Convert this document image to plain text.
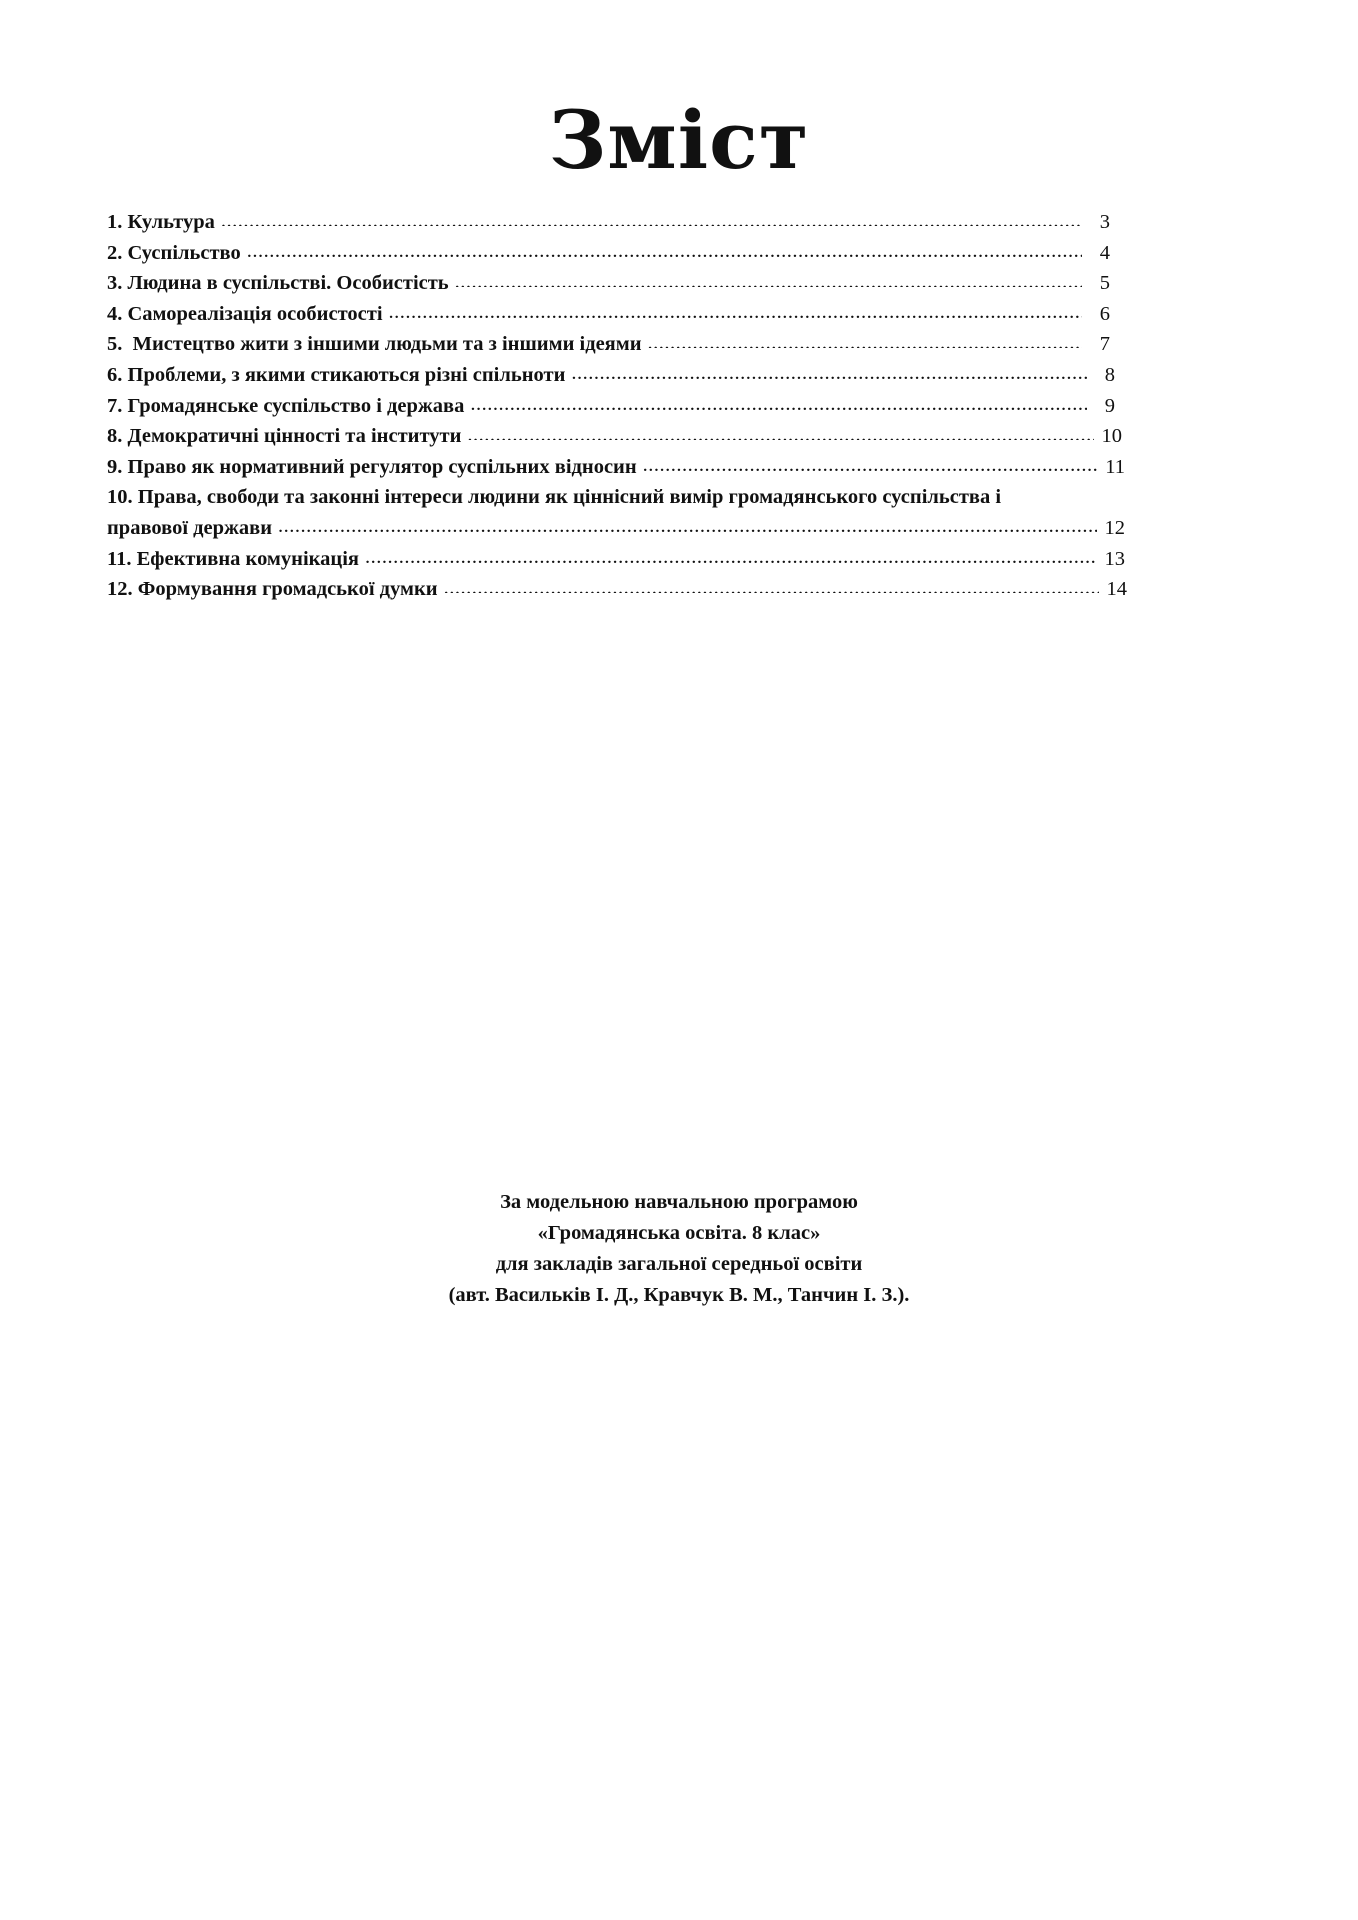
Зміст
1. Культура .....	3
2. Суспільство .....	4
3. Людина в суспільстві. Особистість .....	5
4. Самореалізація особистості .....	6
5.  Мистецтво жити з іншими людьми та з іншими ідеями .....	7
6. Проблеми, з якими стикаються різні спільноти .....	8
7. Громадянське суспільство і держава .....	9
8. Демократичні цінності та інститути .....	10
9. Право як нормативний регулятор суспільних відносин .....	11
10. Права, свободи та законні інтереси людини як ціннісний вимір громадянського суспільства і
правової держави .....	12
11. Ефективна комунікація .....	13
12. Формування громадської думки .....	14

За модельною навчальною програмою

«Громадянська освіта. 8 клас»

для закладів загальної середньої освіти

(авт. Васильків І. Д., Кравчук В. М., Танчин І. З.).
